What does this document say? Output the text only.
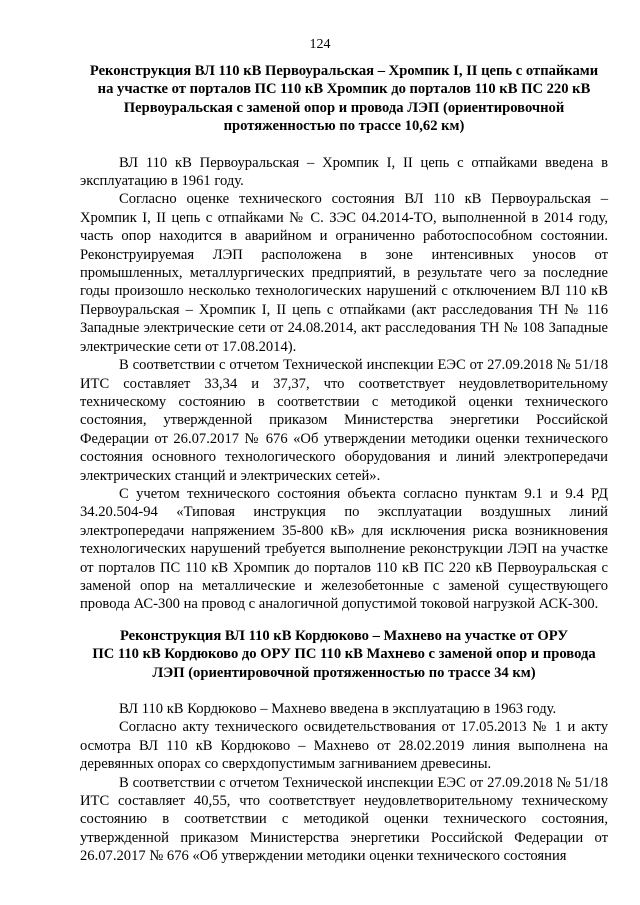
124
Реконструкция ВЛ 110 кВ Первоуральская – Хромпик I, II цепь с отпайками
на участке от порталов ПС 110 кВ Хромпик до порталов 110 кВ ПС 220 кВ
Первоуральская с заменой опор и провода ЛЭП (ориентировочной
протяженностью по трассе 10,62 км)

ВЛ 110 кВ Первоуральская – Хромпик I, II цепь с отпайками введена в эксплуатацию в 1961 году.

Согласно оценке технического состояния ВЛ 110 кВ Первоуральская – Хромпик I, II цепь с отпайками № С. ЗЭС 04.2014-ТО, выполненной в 2014 году, часть опор находится в аварийном и ограниченно работоспособном состоянии. Реконструируемая ЛЭП расположена в зоне интенсивных уносов от промышленных, металлургических предприятий, в результате чего за последние годы произошло несколько технологических нарушений с отключением ВЛ 110 кВ Первоуральская – Хромпик I, II цепь с отпайками (акт расследования ТН № 116 Западные электрические сети от 24.08.2014, акт расследования ТН № 108 Западные электрические сети от 17.08.2014).

В соответствии с отчетом Технической инспекции ЕЭС от 27.09.2018 № 51/18 ИТС составляет 33,34 и 37,37, что соответствует неудовлетворительному техническому состоянию в соответствии с методикой оценки технического состояния, утвержденной приказом Министерства энергетики Российской Федерации от 26.07.2017 № 676 «Об утверждении методики оценки технического состояния основного технологического оборудования и линий электропередачи электрических станций и электрических сетей».

С учетом технического состояния объекта согласно пунктам 9.1 и 9.4 РД 34.20.504-94 «Типовая инструкция по эксплуатации воздушных линий электропередачи напряжением 35-800 кВ» для исключения риска возникновения технологических нарушений требуется выполнение реконструкции ЛЭП на участке от порталов ПС 110 кВ Хромпик до порталов 110 кВ ПС 220 кВ Первоуральская с заменой опор на металлические и железобетонные с заменой существующего провода АС-300 на провод с аналогичной допустимой токовой нагрузкой АСК-300.

Реконструкция ВЛ 110 кВ Кордюково – Махнево на участке от ОРУ
ПС 110 кВ Кордюково до ОРУ ПС 110 кВ Махнево с заменой опор и провода
ЛЭП (ориентировочной протяженностью по трассе 34 км)

ВЛ 110 кВ Кордюково – Махнево введена в эксплуатацию в 1963 году.

Согласно акту технического освидетельствования от 17.05.2013 № 1 и акту осмотра ВЛ 110 кВ Кордюково – Махнево от 28.02.2019 линия выполнена на деревянных опорах со сверхдопустимым загниванием древесины.

В соответствии с отчетом Технической инспекции ЕЭС от 27.09.2018 № 51/18 ИТС составляет 40,55, что соответствует неудовлетворительному техническому состоянию в соответствии с методикой оценки технического состояния, утвержденной приказом Министерства энергетики Российской Федерации от 26.07.2017 № 676 «Об утверждении методики оценки технического состояния
